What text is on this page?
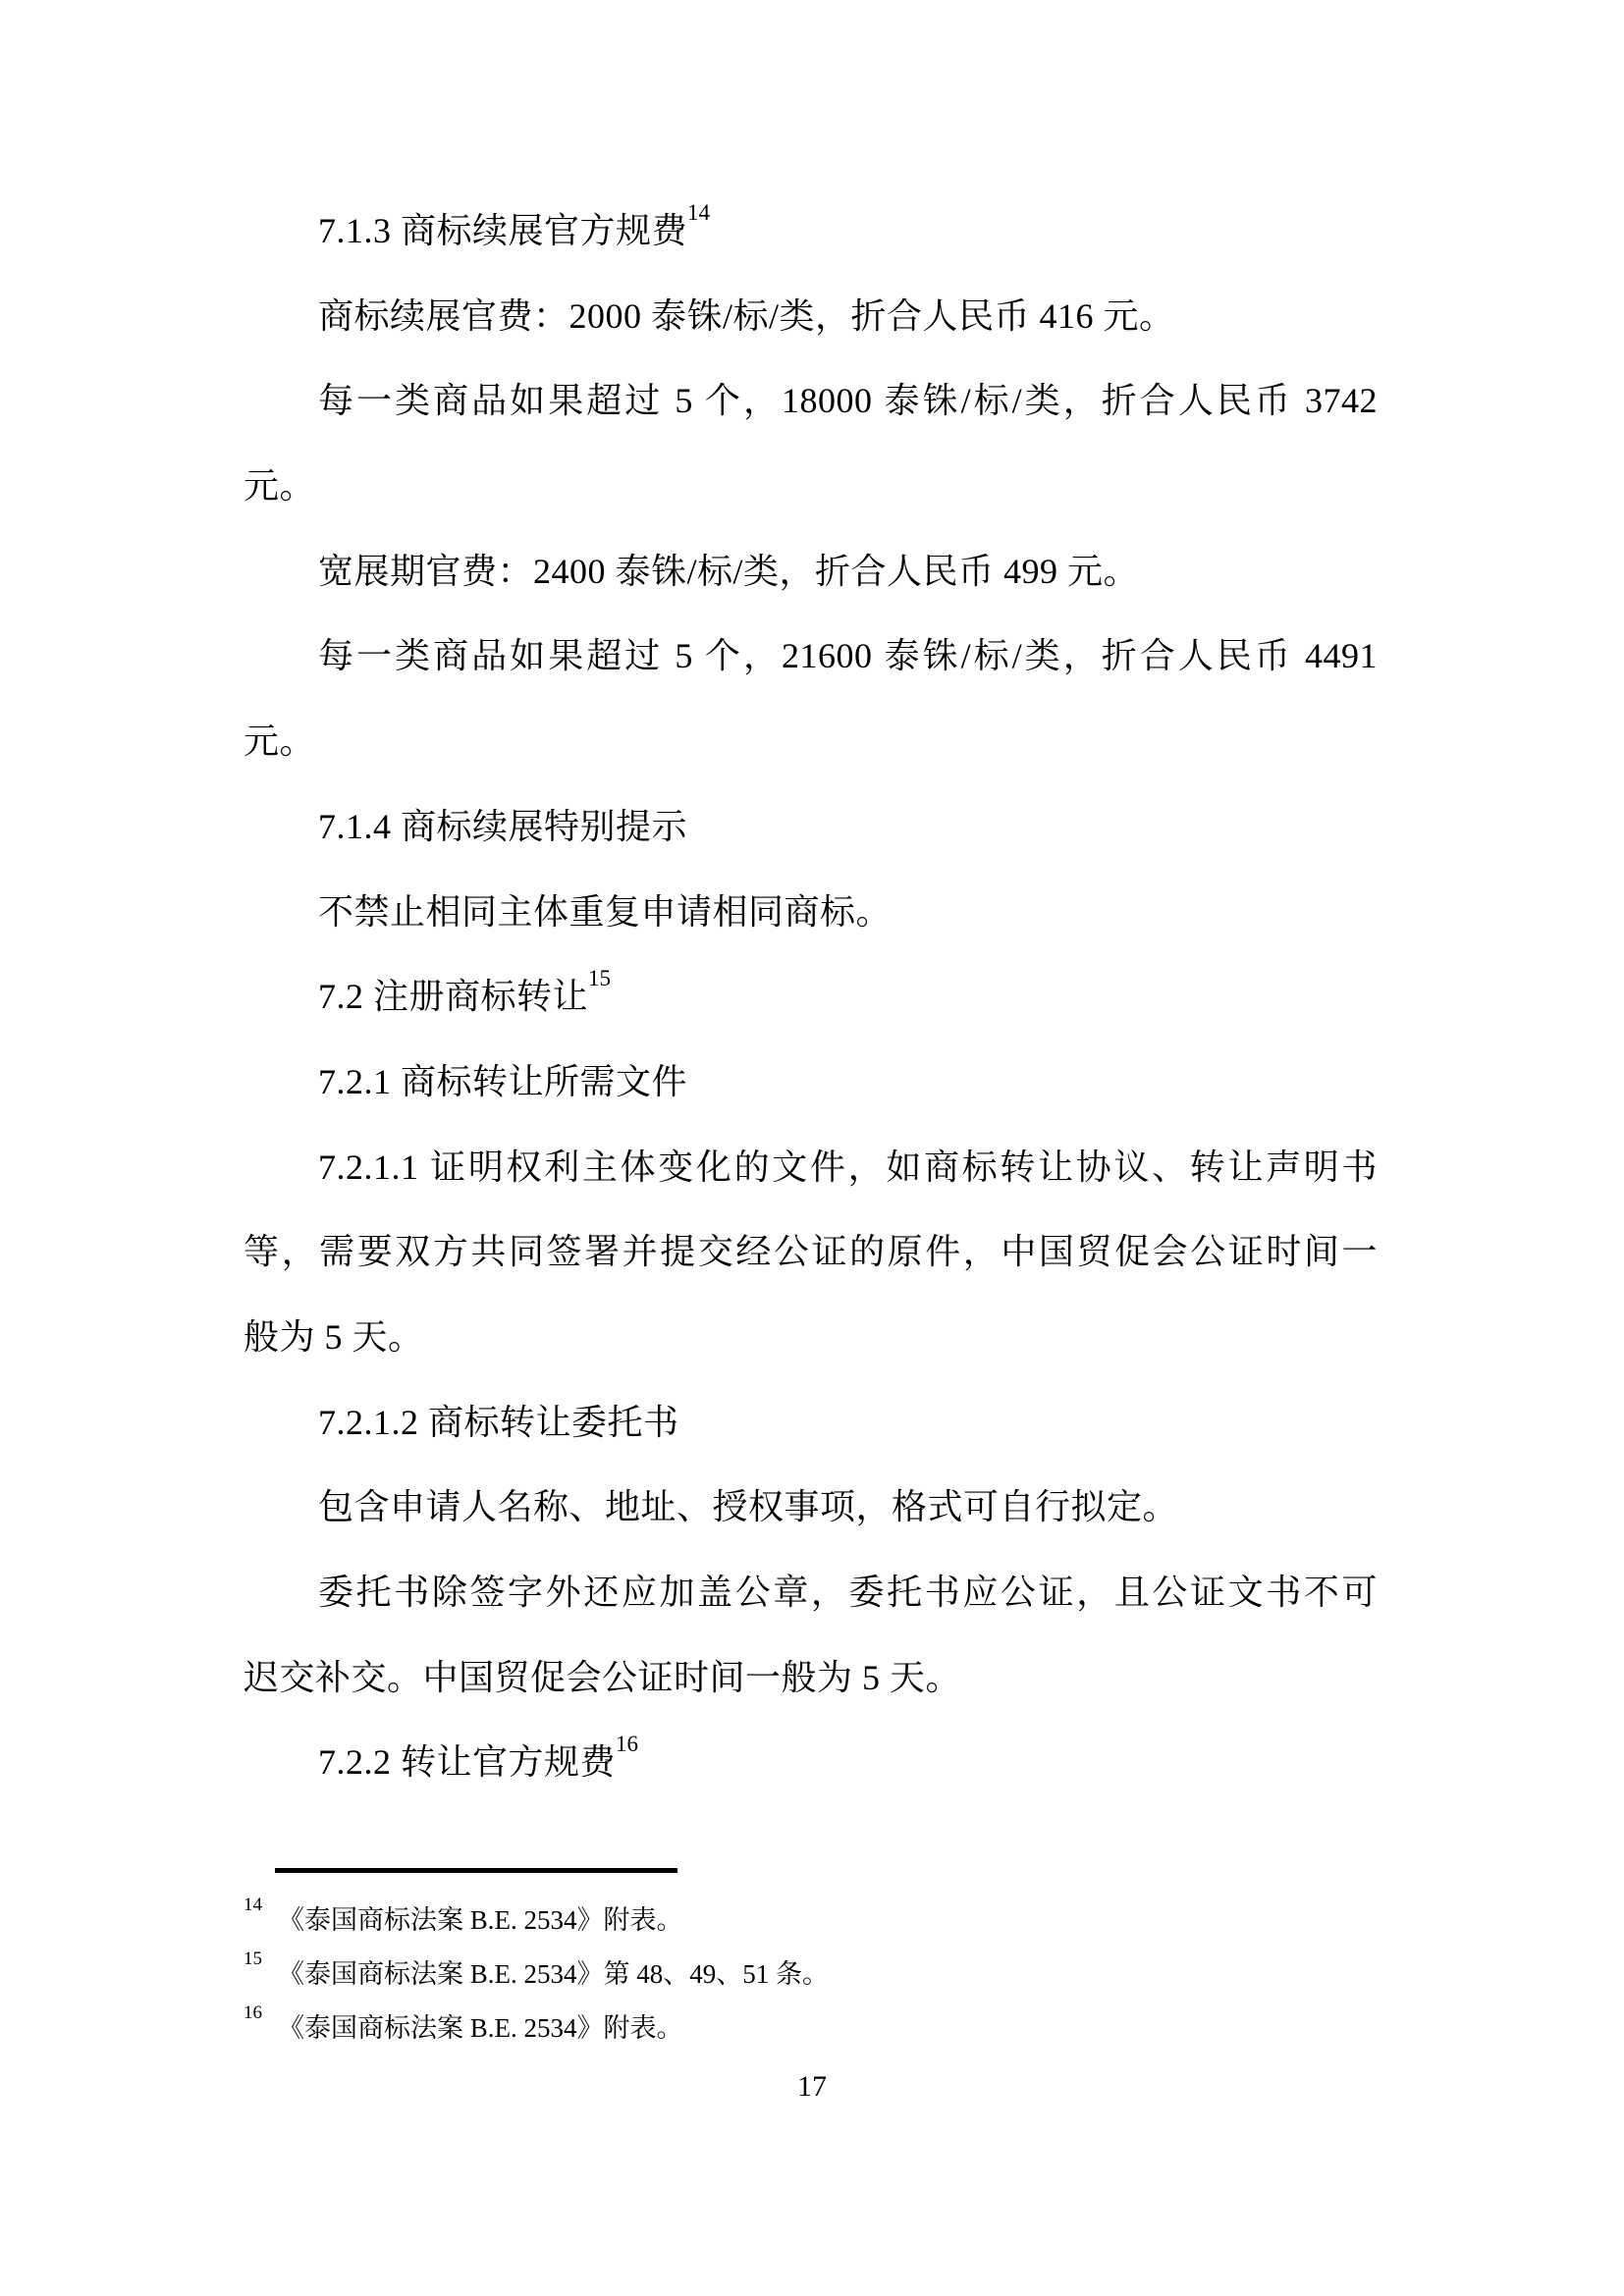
7.1.3 商标续展官方规费$^{14}$
商标续展官费：2000 泰铢/标/类，折合人民币 416 元。
每一类商品如果超过 5 个，18000 泰铢/标/类，折合人民币 3742
元。
宽展期官费：2400 泰铢/标/类，折合人民币 499 元。
每一类商品如果超过 5 个，21600 泰铢/标/类，折合人民币 4491
元。
7.1.4 商标续展特别提示
不禁止相同主体重复申请相同商标。
7.2 注册商标转让$^{15}$
7.2.1 商标转让所需文件
7.2.1.1 证明权利主体变化的文件，如商标转让协议、转让声明书
等，需要双方共同签署并提交经公证的原件，中国贸促会公证时间一
般为 5 天。
7.2.1.2 商标转让委托书
包含申请人名称、地址、授权事项，格式可自行拟定。
委托书除签字外还应加盖公章，委托书应公证，且公证文书不可
迟交补交。中国贸促会公证时间一般为 5 天。
7.2.2 转让官方规费$^{16}$
$^{14}$《泰国商标法案 B.E. 2534》附表。
$^{15}$《泰国商标法案 B.E. 2534》第 48、49、51 条。
$^{16}$《泰国商标法案 B.E. 2534》附表。
17
